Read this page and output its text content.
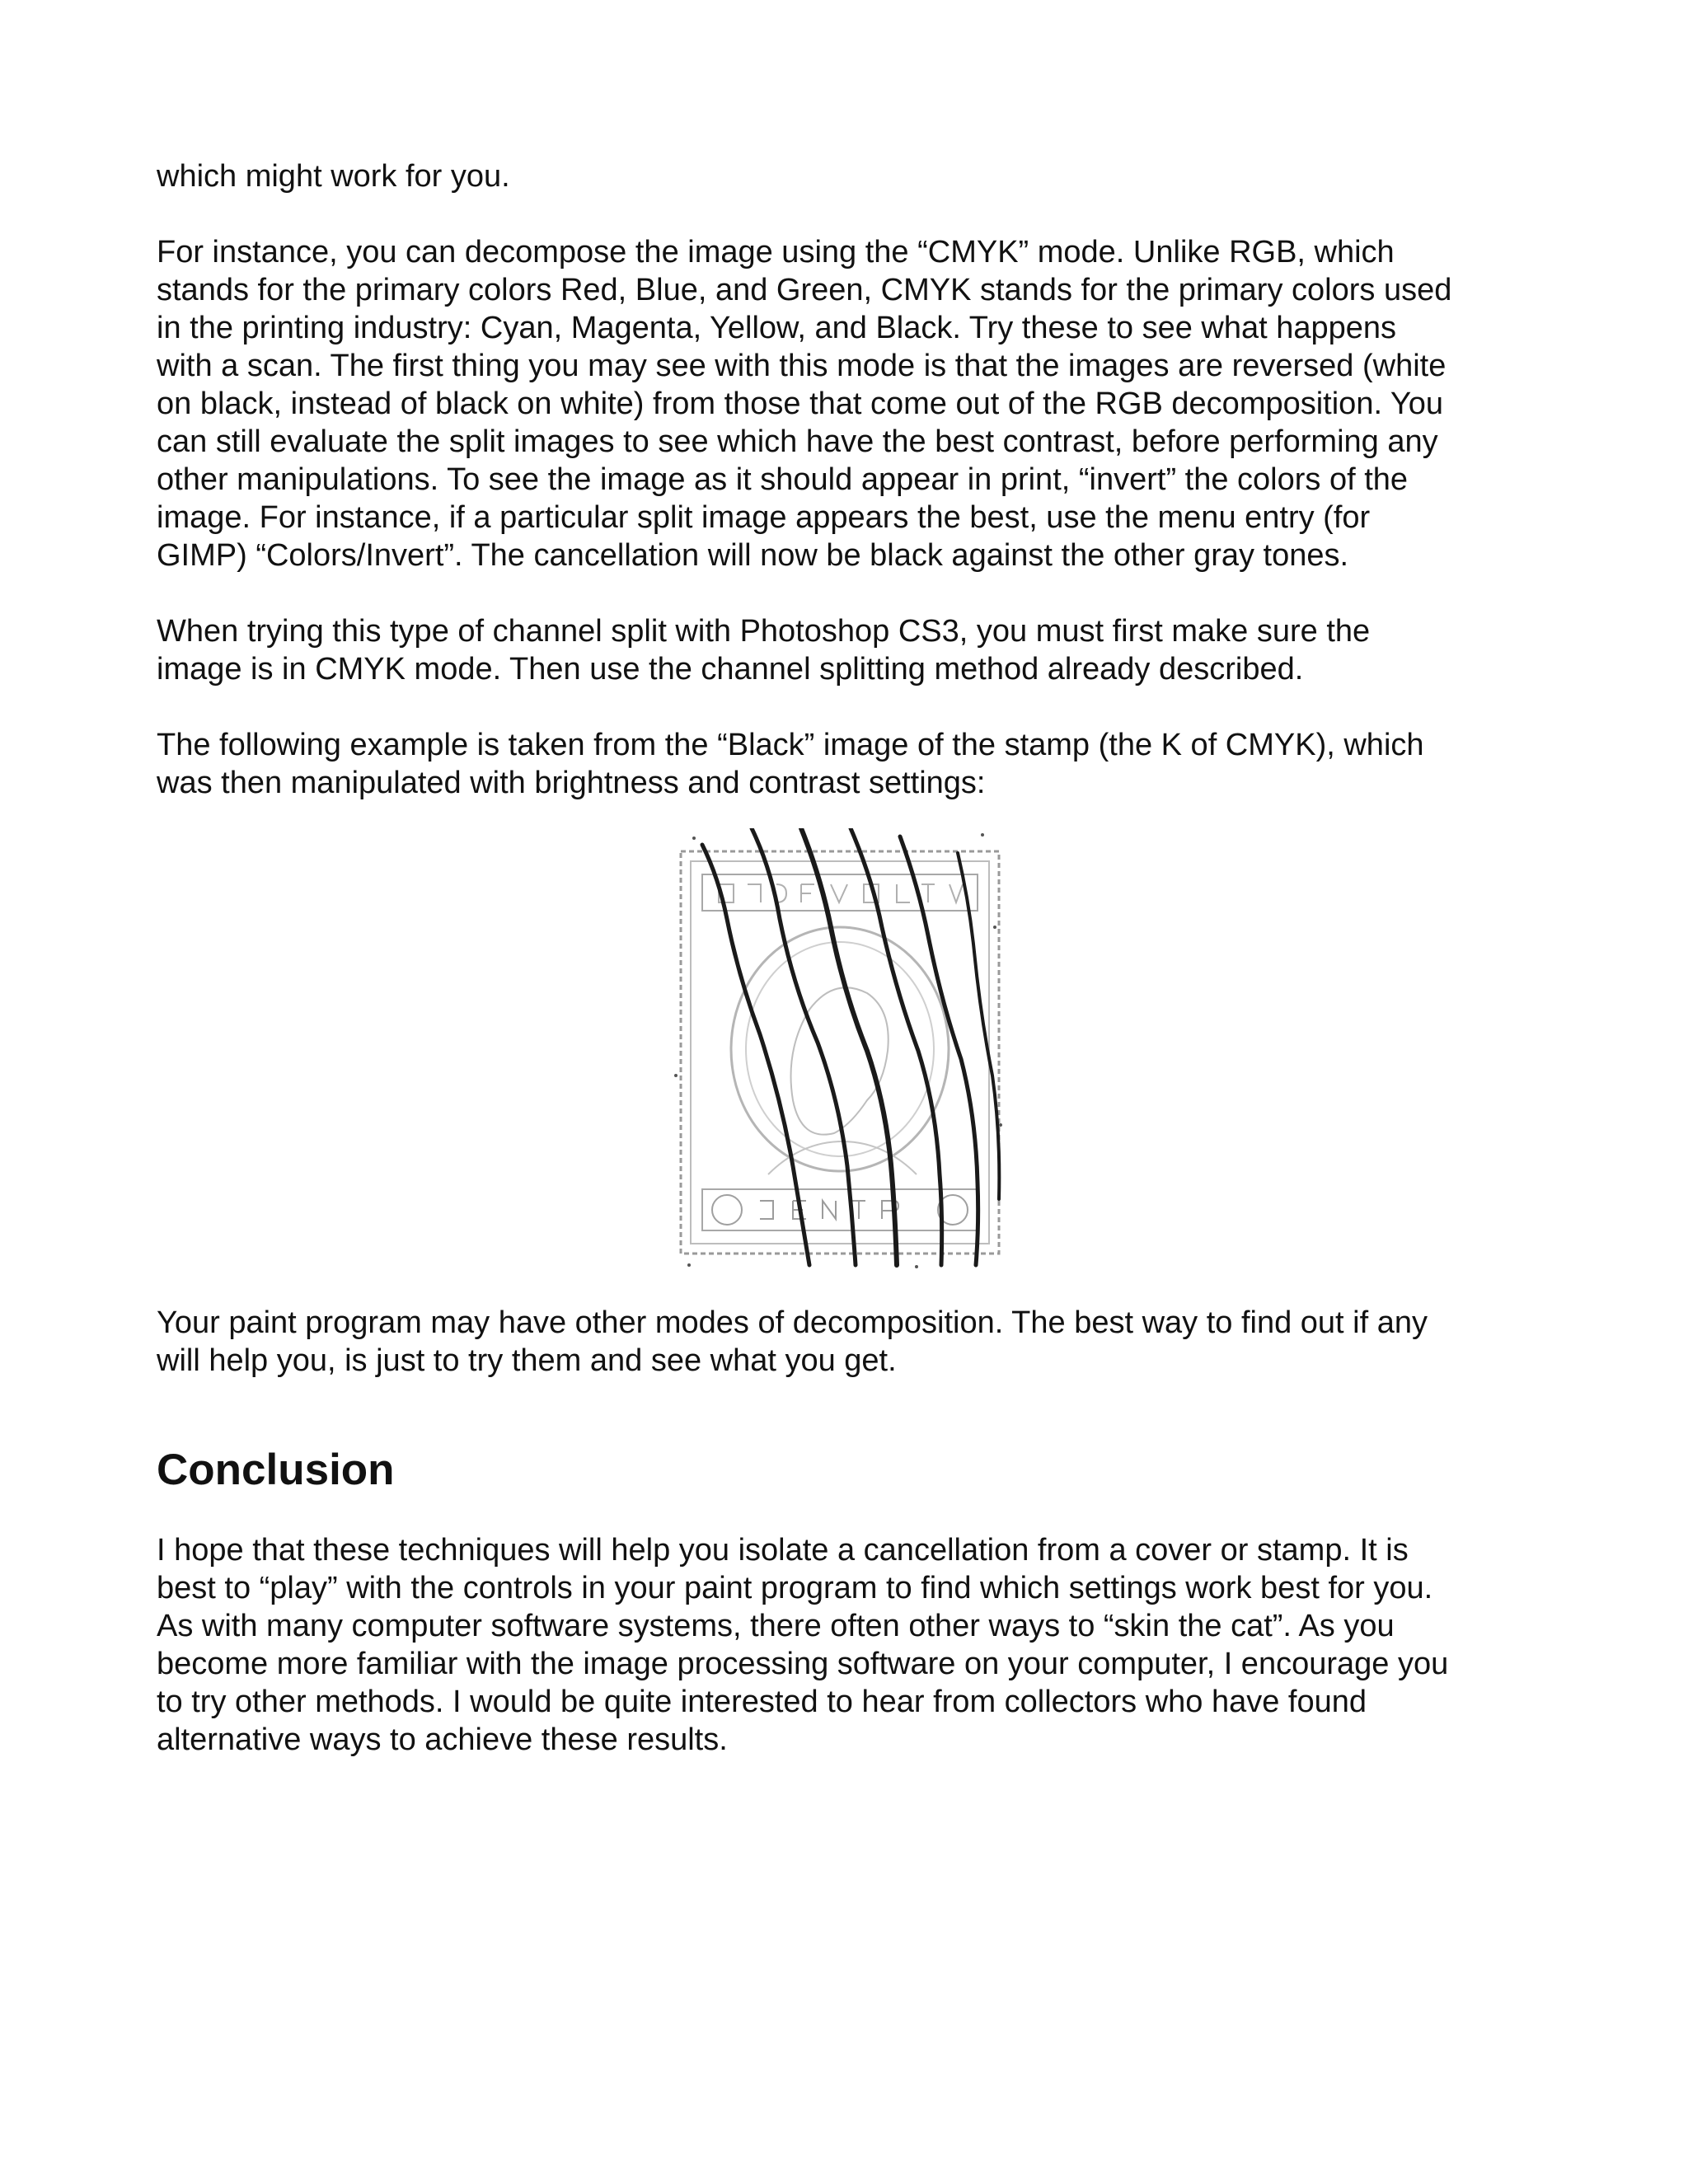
which might work for you.

For instance, you can decompose the image using the “CMYK” mode. Unlike RGB, which
stands for the primary colors Red, Blue, and Green, CMYK stands for the primary colors used
in the printing industry: Cyan, Magenta, Yellow, and Black. Try these to see what happens
with a scan. The first thing you may see with this mode is that the images are reversed (white
on black, instead of black on white) from those that come out of the RGB decomposition. You
can still evaluate the split images to see which have the best contrast, before performing any
other manipulations. To see the image as it should appear in print, “invert” the colors of the
image. For instance, if a particular split image appears the best, use the menu entry (for
GIMP) “Colors/Invert”. The cancellation will now be black against the other gray tones.

When trying this type of channel split with Photoshop CS3, you must first make sure the
image is in CMYK mode. Then use the channel splitting method already described.

The following example is taken from the “Black” image of the stamp (the K of CMYK), which
was then manipulated with brightness and contrast settings:

Your paint program may have other modes of decomposition. The best way to find out if any
will help you, is just to try them and see what you get.

Conclusion

I hope that these techniques will help you isolate a cancellation from a cover or stamp. It is
best to “play” with the controls in your paint program to find which settings work best for you.
As with many computer software systems, there often other ways to “skin the cat”. As you
become more familiar with the image processing software on your computer, I encourage you
to try other methods. I would be quite interested to hear from collectors who have found
alternative ways to achieve these results.
